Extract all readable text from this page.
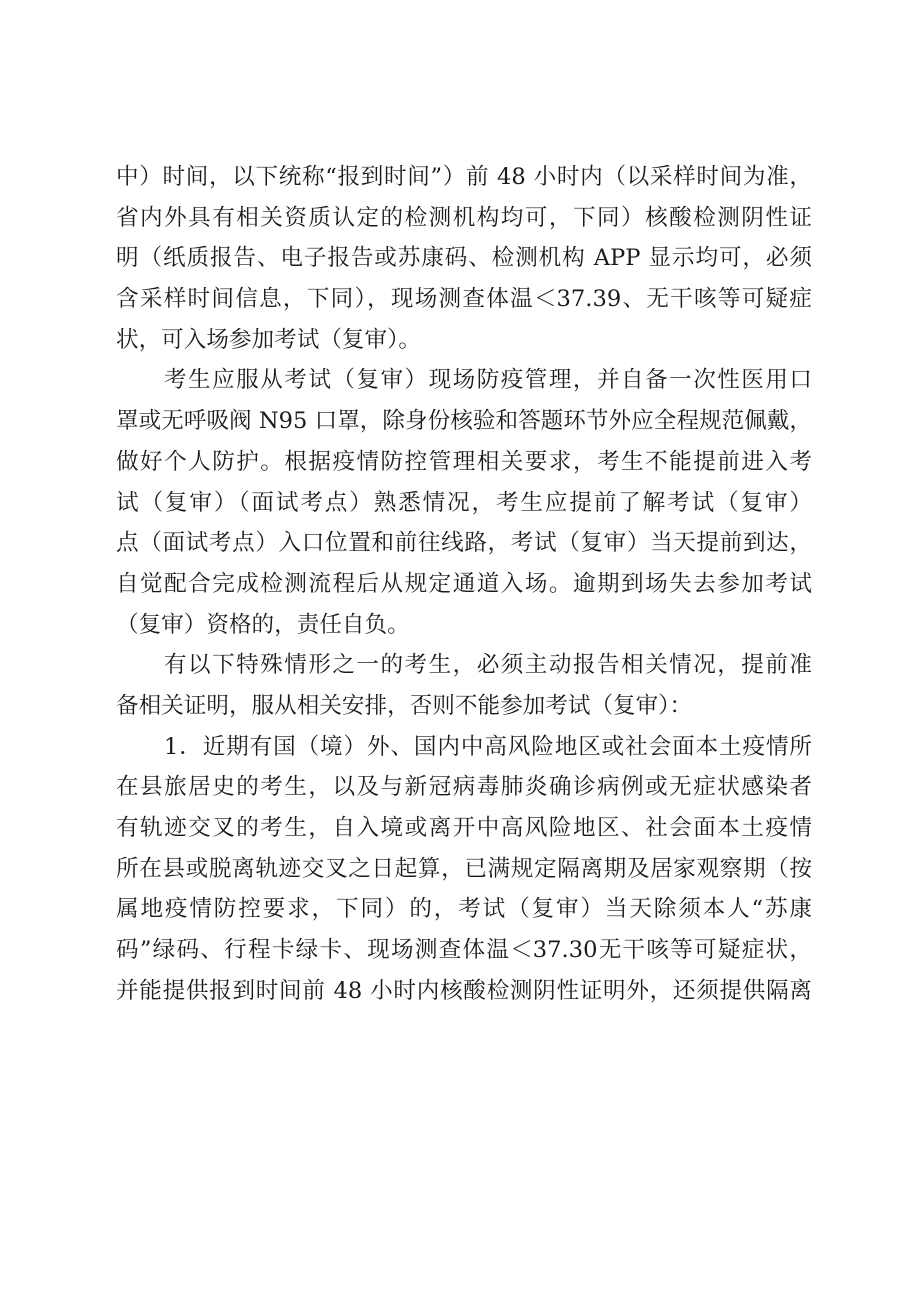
中）时间，以下统称“报到时间”）前 48 小时内（以采样时间为准，
省内外具有相关资质认定的检测机构均可，下同）核酸检测阴性证
明（纸质报告、电子报告或苏康码、检测机构 APP 显示均可，必须
含采样时间信息，下同），现场测查体温＜37.39、无干咳等可疑症
状，可入场参加考试（复审）。
考生应服从考试（复审）现场防疫管理，并自备一次性医用口
罩或无呼吸阀 N95 口罩，除身份核验和答题环节外应全程规范佩戴，
做好个人防护。根据疫情防控管理相关要求，考生不能提前进入考
试（复审）（面试考点）熟悉情况，考生应提前了解考试（复审）
点（面试考点）入口位置和前往线路，考试（复审）当天提前到达，
自觉配合完成检测流程后从规定通道入场。逾期到场失去参加考试
（复审）资格的，责任自负。
有以下特殊情形之一的考生，必须主动报告相关情况，提前准
备相关证明，服从相关安排，否则不能参加考试（复审）：
1．近期有国（境）外、国内中高风险地区或社会面本土疫情所
在县旅居史的考生，以及与新冠病毒肺炎确诊病例或无症状感染者
有轨迹交叉的考生，自入境或离开中高风险地区、社会面本土疫情
所在县或脱离轨迹交叉之日起算，已满规定隔离期及居家观察期（按
属地疫情防控要求，下同）的，考试（复审）当天除须本人“苏康
码”绿码、行程卡绿卡、现场测查体温＜37.30无干咳等可疑症状，
并能提供报到时间前 48 小时内核酸检测阴性证明外，还须提供隔离
